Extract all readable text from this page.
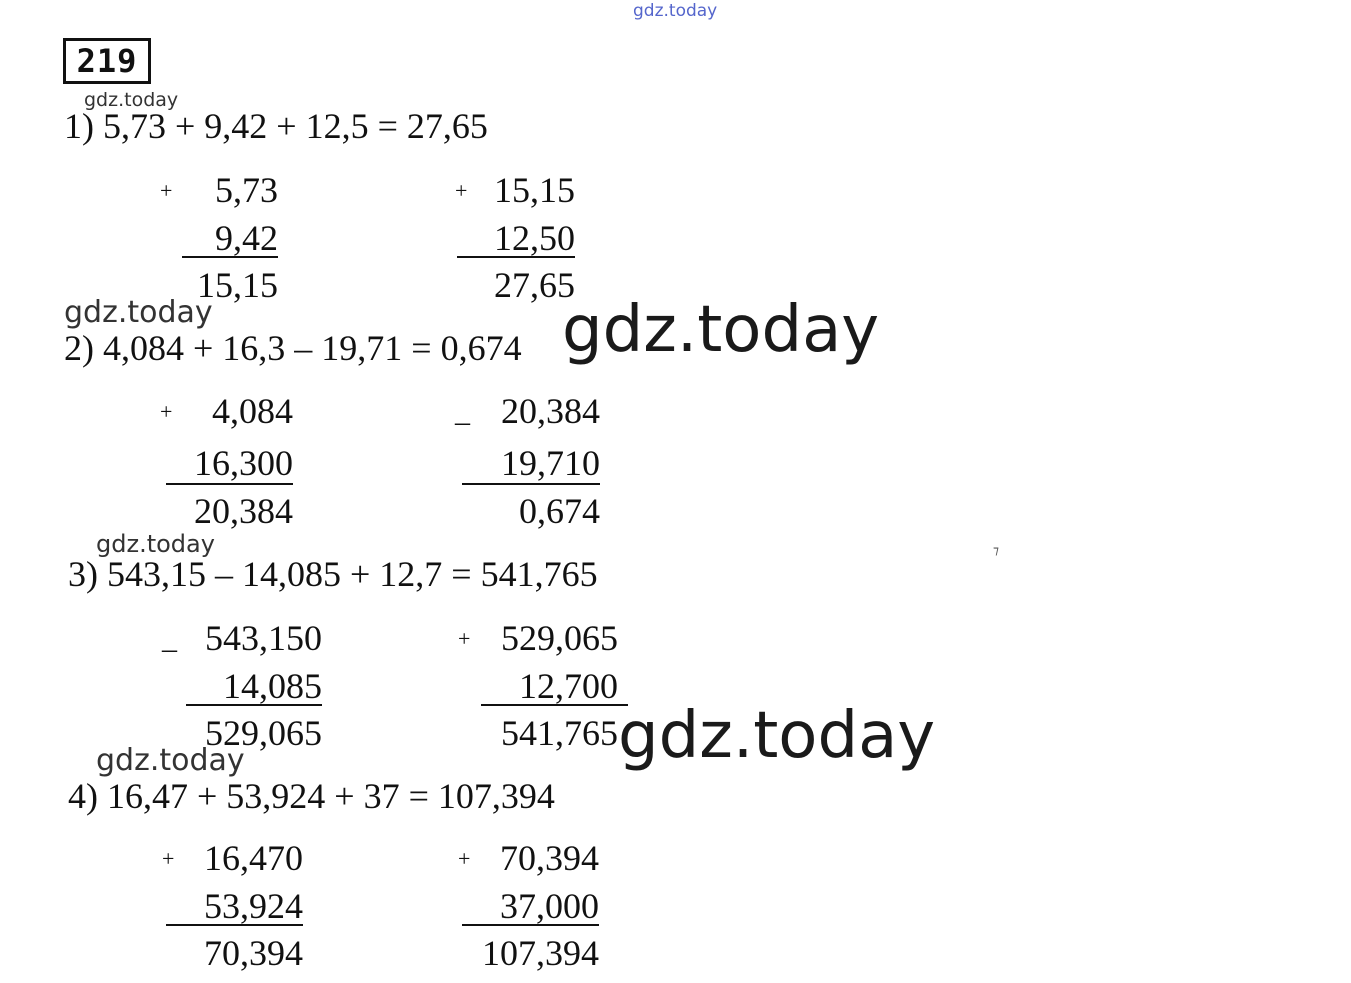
gdz.today
219
gdz.today
1) 5,73 + 9,42 + 12,5 = 27,65
+ 5,73
9,42
15,15
+ 15,15
12,50
27,65
gdz.today
2) 4,084 + 16,3 – 19,71 = 0,674 gdz.today
+ 4,084
16,300
20,384
_ 20,384
19,710
0,674
gdz.today	⁊
3) 543,15 – 14,085 + 12,7 = 541,765
_ 543,150
14,085
529,065
+ 529,065
12,700
541,765 gdz.today
gdz.today
4) 16,47 + 53,924 + 37 = 107,394
+ 16,470
53,924
70,394
+ 70,394
37,000
107,394
